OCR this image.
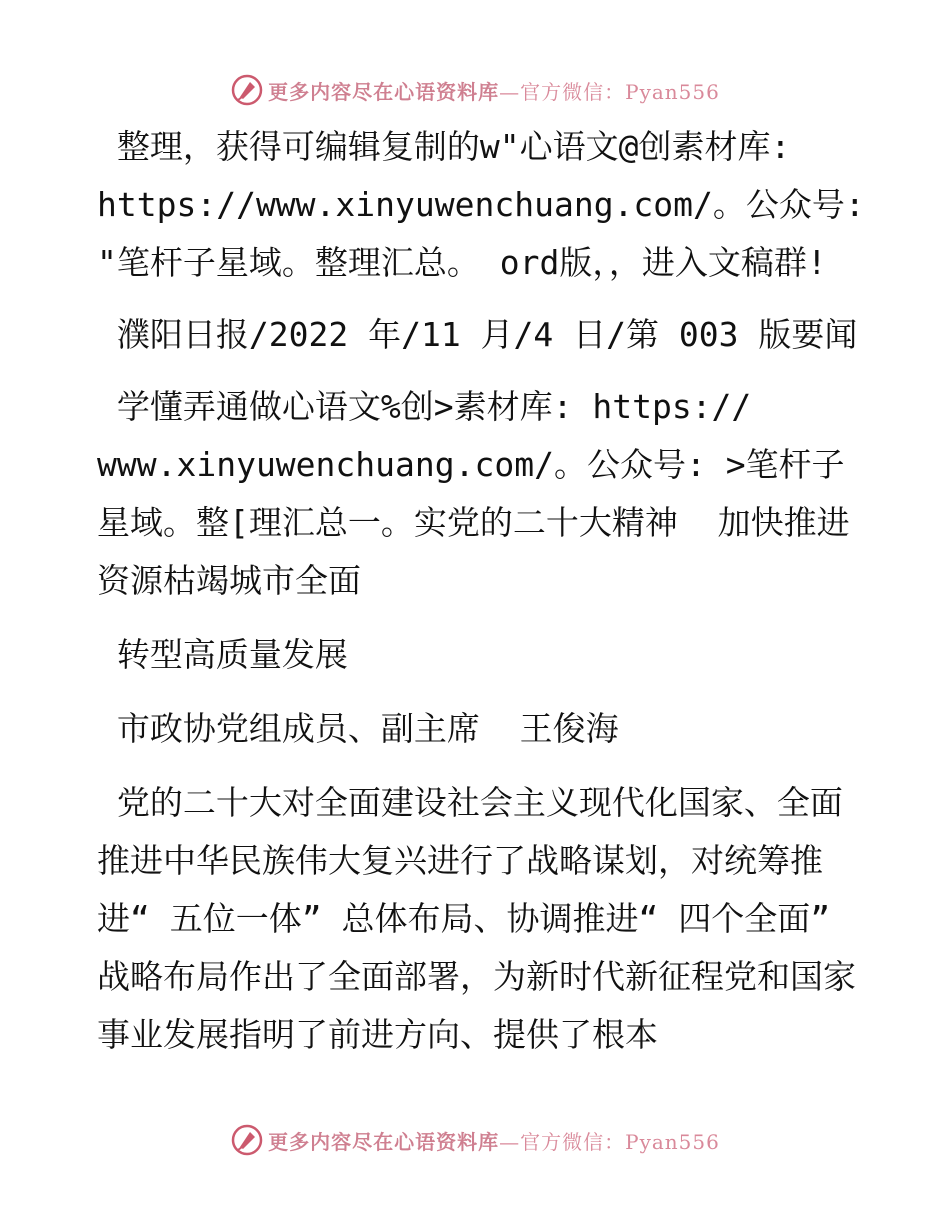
更多内容尽在心语资料库—官方微信：Pyan556

整理，获得可编辑复制的w"心语文@创素材库:
https://www.xinyuwenchuang.com/。公众号: "笔杆子星域。整理汇总。 ord版，，进入文稿群!

濮阳日报/2022 年/11 月/4 日/第 003 版要闻

学懂弄通做心语文%创>素材库: https://
www.xinyuwenchuang.com/。公众号: >笔杆子星域。整[理汇总一。实党的二十大精神  加快推进资源枯竭城市全面

转型高质量发展

市政协党组成员、副主席  王俊海

党的二十大对全面建设社会主义现代化国家、全面推进中华民族伟大复兴进行了战略谋划，对统筹推进“ 五位一体” 总体布局、协调推进“ 四个全面” 战略布局作出了全面部署，为新时代新征程党和国家事业发展指明了前进方向、提供了根本

更多内容尽在心语资料库—官方微信：Pyan556
